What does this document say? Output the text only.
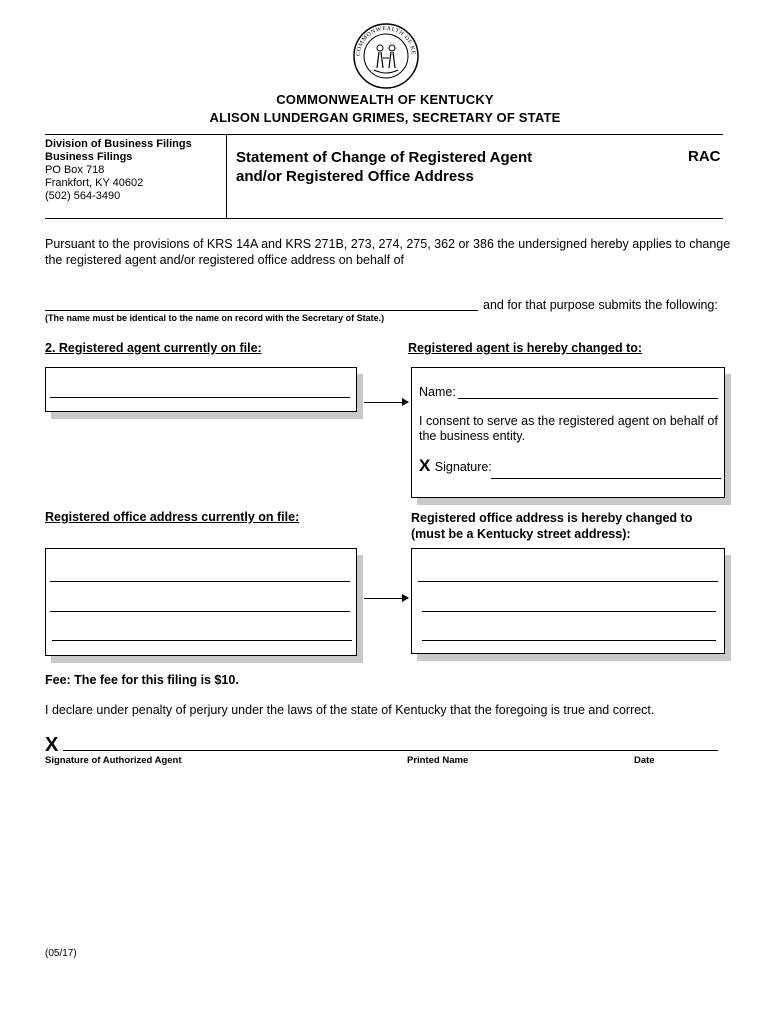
COMMONWEALTH OF KE
COMMONWEALTH OF KENTUCKY
ALISON LUNDERGAN GRIMES, SECRETARY OF STATE
Division of Business Filings
Business Filings
PO Box 718
Frankfort, KY 40602
(502) 564-3490
Statement of Change of Registered Agent
and/or Registered Office Address
RAC
Pursuant to the provisions of KRS 14A and KRS 271B, 273, 274, 275, 362 or 386 the undersigned hereby applies to change the registered agent and/or registered office address on behalf of
and for that purpose submits the following:
(The name must be identical to the name on record with the Secretary of State.)
2. Registered agent currently on file:	Registered agent is hereby changed to:
Name:
I consent to serve as the registered agent on behalf of the business entity.
X Signature:
Registered office address currently on file:	Registered office address is hereby changed to
(must be a Kentucky street address):
Fee: The fee for this filing is $10.
I declare under penalty of perjury under the laws of the state of Kentucky that the foregoing is true and correct.
X
Signature of Authorized Agent	Printed Name	Date
(05/17)
